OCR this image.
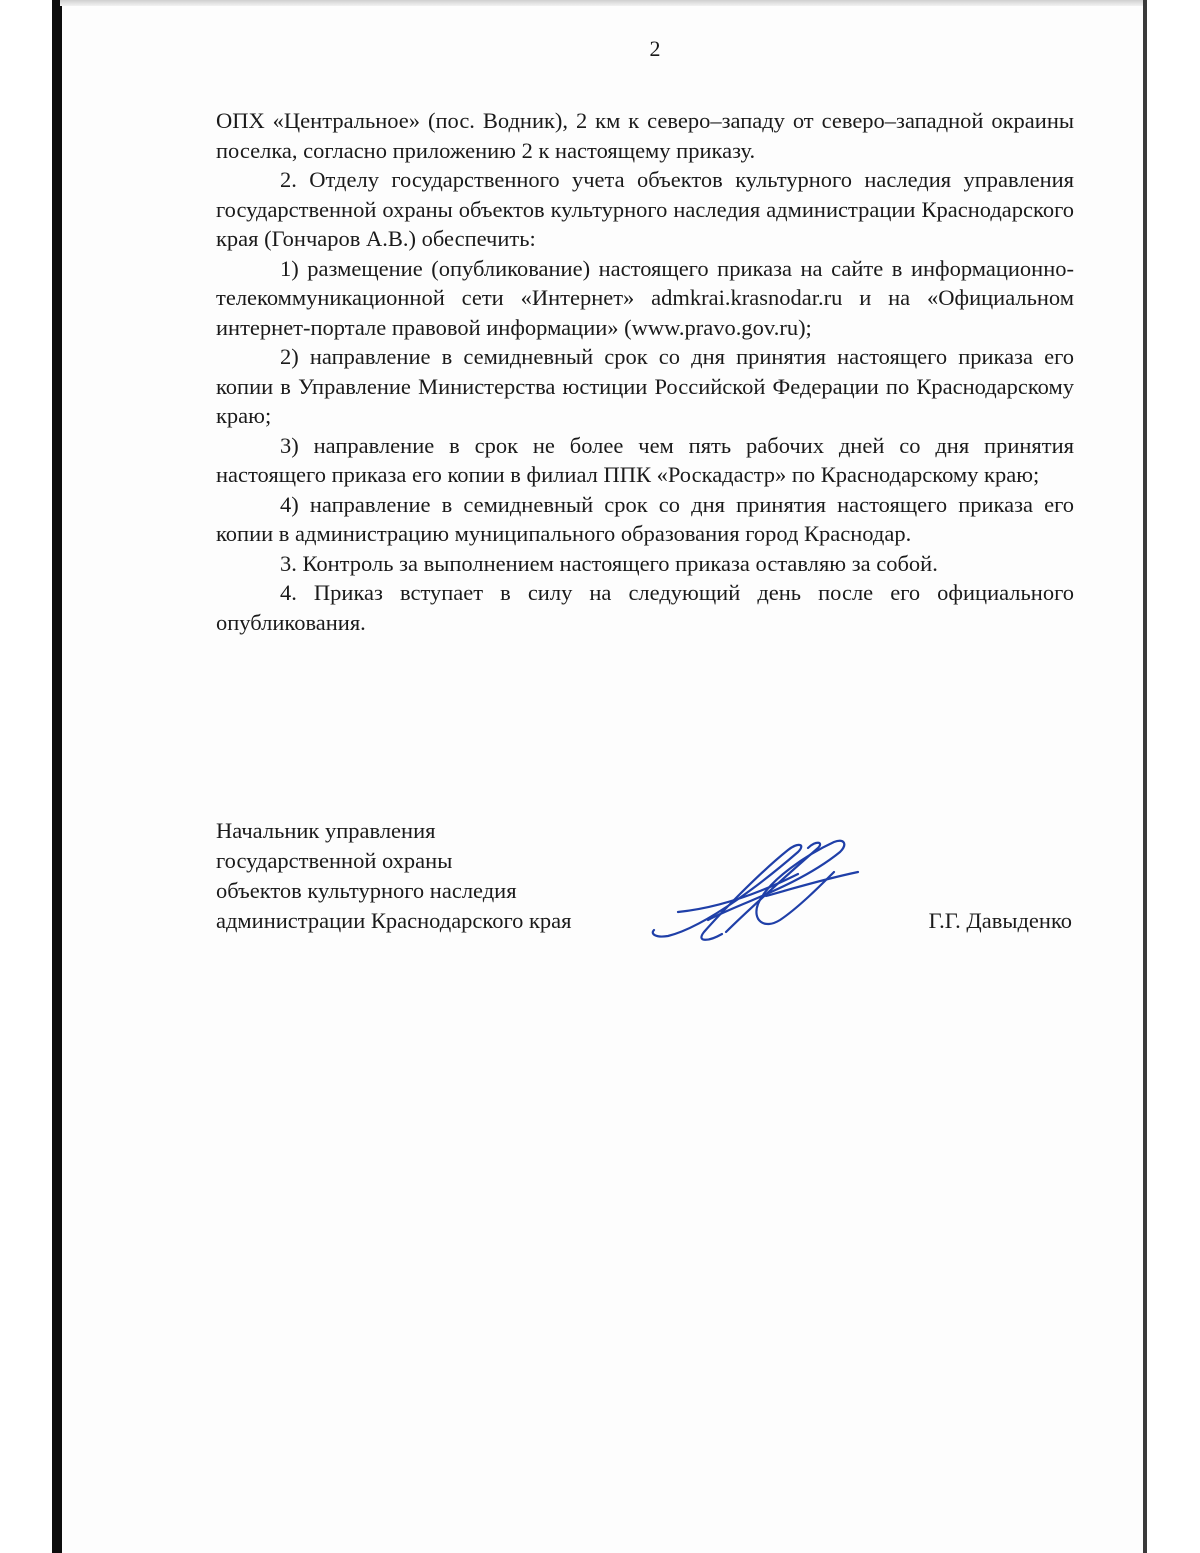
2

ОПХ «Центральное» (пос. Водник), 2 км к северо–западу от северо–западной окраины поселка, согласно приложению 2 к настоящему приказу.

2. Отделу государственного учета объектов культурного наследия управления государственной охраны объектов культурного наследия администрации Краснодарского края (Гончаров А.В.) обеспечить:

1) размещение (опубликование) настоящего приказа на сайте в информационно-телекоммуникационной сети «Интернет» admkrai.krasnodar.ru и на «Официальном интернет-портале правовой информации» (www.pravo.gov.ru);

2) направление в семидневный срок со дня принятия настоящего приказа его копии в Управление Министерства юстиции Российской Федерации по Краснодарскому краю;

3) направление в срок не более чем пять рабочих дней со дня принятия настоящего приказа его копии в филиал ППК «Роскадастр» по Краснодарскому краю;

4) направление в семидневный срок со дня принятия настоящего приказа его копии в администрацию муниципального образования город Краснодар.

3. Контроль за выполнением настоящего приказа оставляю за собой.

4. Приказ вступает в силу на следующий день после его официального опубликования.

Начальник управления

государственной охраны

объектов культурного наследия

администрации Краснодарского края	Г.Г. Давыденко
